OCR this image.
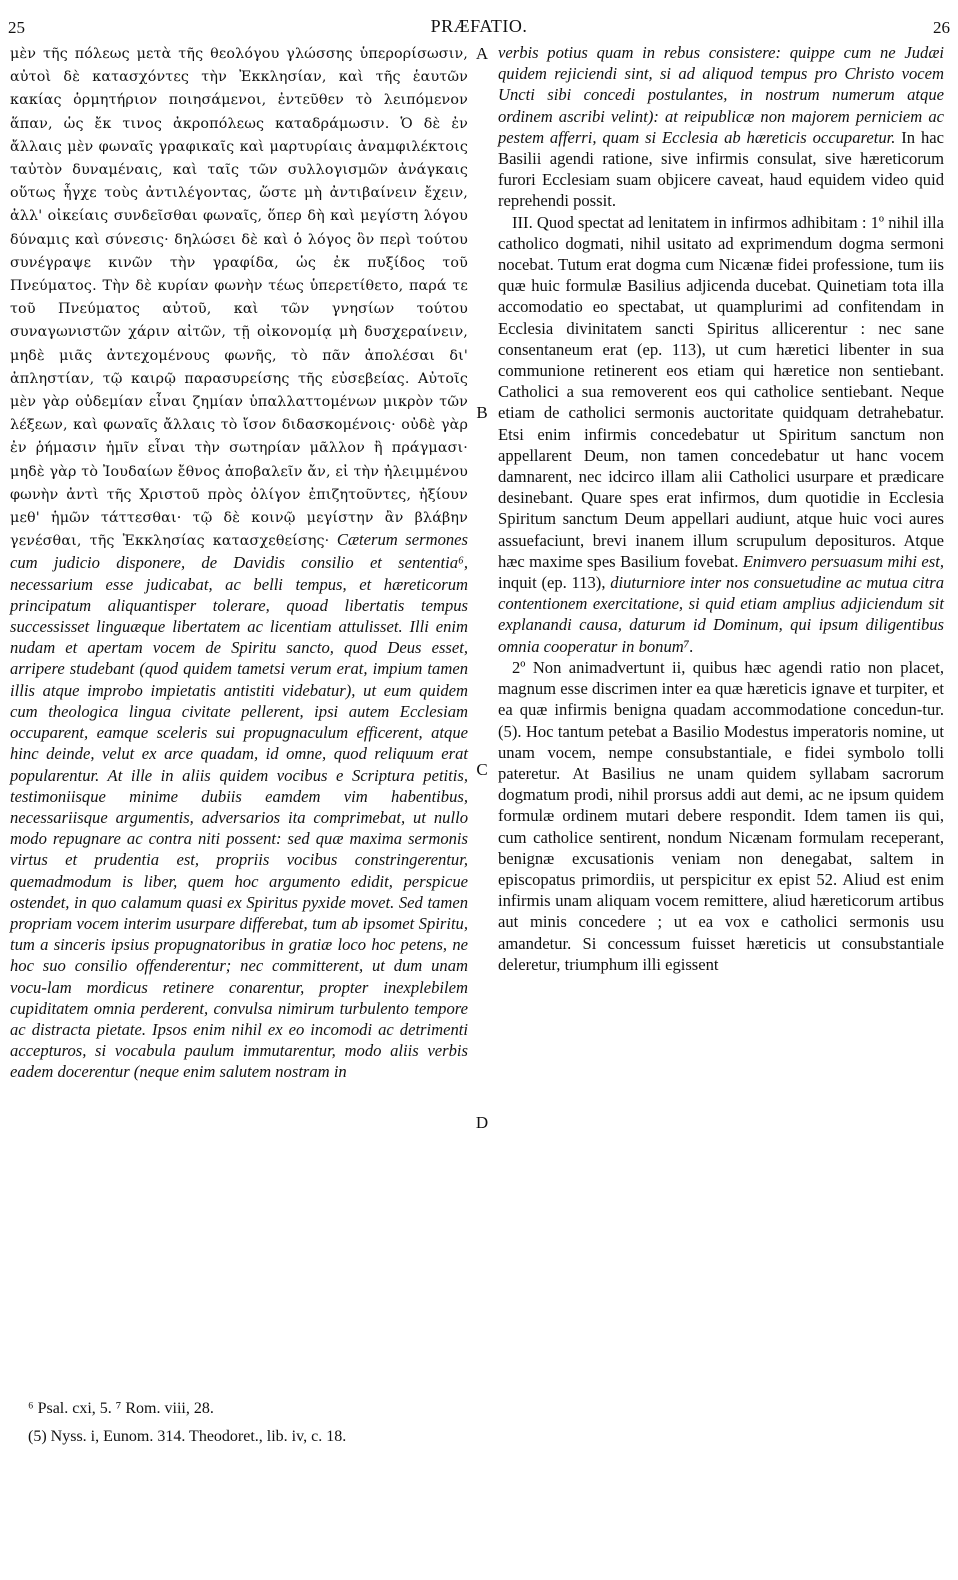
25	PRÆFATIO.	26

μὲν τῆς πόλεως μετὰ τῆς θεολόγου γλώσσης ὑπερορίσωσιν, αὐτοὶ δὲ κατασχόντες τὴν Ἐκκλησίαν, καὶ τῆς ἑαυτῶν κακίας ὁρμητήριον ποιησάμενοι, ἐντεῦθεν τὸ λειπόμενον ἅπαν, ὡς ἔκ τινος ἀκροπόλεως καταδράμωσιν. Ὁ δὲ ἐν ἄλλαις μὲν φωναῖς γραφικαῖς καὶ μαρτυρίαις ἀναμφιλέκτοις ταὐτὸν δυναμέναις, καὶ ταῖς τῶν συλλογισμῶν ἀνάγκαις οὕτως ἦγχε τοὺς ἀντιλέγοντας, ὥστε μὴ ἀντιβαίνειν ἔχειν, ἀλλ' οἰκείαις συνδεῖσθαι φωναῖς, ὅπερ δὴ καὶ μεγίστη λόγου δύναμις καὶ σύνεσις· δηλώσει δὲ καὶ ὁ λόγος ὃν περὶ τούτου συνέγραψε κινῶν τὴν γραφίδα, ὡς ἐκ πυξίδος τοῦ Πνεύματος. Τὴν δὲ κυρίαν φωνὴν τέως ὑπερετίθετο, παρά τε τοῦ Πνεύματος αὐτοῦ, καὶ τῶν γνησίων τούτου συναγωνιστῶν χάριν αἰτῶν, τῇ οἰκονομίᾳ μὴ δυσχεραίνειν, μηδὲ μιᾶς ἀντεχομένους φωνῆς, τὸ πᾶν ἀπολέσαι δι' ἀπληστίαν, τῷ καιρῷ παρασυρείσης τῆς εὐσεβείας. Αὐτοῖς μὲν γὰρ οὐδεμίαν εἶναι ζημίαν ὑπαλλαττομένων μικρὸν τῶν λέξεων, καὶ φωναῖς ἄλλαις τὸ ἴσον διδασκομένοις· οὐδὲ γὰρ ἐν ῥήμασιν ἡμῖν εἶναι τὴν σωτηρίαν μᾶλλον ἢ πράγμασι· μηδὲ γὰρ τὸ Ἰουδαίων ἔθνος ἀποβαλεῖν ἄν, εἰ τὴν ἠλειμμένου φωνὴν ἀντὶ τῆς Χριστοῦ πρὸς ὀλίγον ἐπιζητοῦντες, ἠξίουν μεθ' ἡμῶν τάττεσθαι· τῷ δὲ κοινῷ μεγίστην ἂν βλάβην γενέσθαι, τῆς Ἐκκλησίας κατασχεθείσης· Cæterum sermones cum judicio disponere, de Davidis consilio et sententia⁶, necessarium esse judicabat, ac belli tempus, et hæreticorum principatum aliquantisper tolerare, quoad libertatis tempus successisset linguæque libertatem ac licentiam attulisset. Illi enim nudam et apertam vocem de Spiritu sancto, quod Deus esset, arripere studebant (quod quidem tametsi verum erat, impium tamen illis atque improbo impietatis antistiti videbatur), ut eum quidem cum theologica lingua civitate pellerent, ipsi autem Ecclesiam occuparent, eamque sceleris sui propugnaculum efficerent, atque hinc deinde, velut ex arce quadam, id omne, quod reliquum erat popularentur. At ille in aliis quidem vocibus e Scriptura petitis, testimoniisque minime dubiis eamdem vim habentibus, necessariisque argumentis, adversarios ita comprimebat, ut nullo modo repugnare ac contra niti possent: sed quæ maxima sermonis virtus et prudentia est, propriis vocibus constringerentur, quemadmodum is liber, quem hoc argumento edidit, perspicue ostendet, in quo calamum quasi ex Spiritus pyxide movet. Sed tamen propriam vocem interim usurpare differebat, tum ab ipsomet Spiritu, tum a sinceris ipsius propugnatoribus in gratiæ loco hoc petens, ne hoc suo consilio offenderentur; nec committerent, ut dum unam vocu-lam mordicus retinere conarentur, propter inexplebilem cupiditatem omnia perderent, convulsa nimirum turbulento tempore ac distracta pietate. Ipsos enim nihil ex eo incomodi ac detrimenti accepturos, si vocabula paulum immutarentur, modo aliis verbis eadem docerentur (neque enim salutem nostram in

A
B
C
D

verbis potius quam in rebus consistere: quippe cum ne Judæi quidem rejiciendi sint, si ad aliquod tempus pro Christo vocem Uncti sibi concedi postulantes, in nostrum numerum atque ordinem ascribi velint): at reipublicæ non majorem perniciem ac pestem afferri, quam si Ecclesia ab hæreticis occuparetur. In hac Basilii agendi ratione, sive infirmis consulat, sive hæreticorum furori Ecclesiam suam objicere caveat, haud equidem video quid reprehendi possit.

III. Quod spectat ad lenitatem in infirmos adhibitam : 1º nihil illa catholico dogmati, nihil usitato ad exprimendum dogma sermoni nocebat. Tutum erat dogma cum Nicænæ fidei professione, tum iis quæ huic formulæ Basilius adjicenda ducebat. Quinetiam tota illa accomodatio eo spectabat, ut quamplurimi ad confitendam in Ecclesia divinitatem sancti Spiritus allicerentur : nec sane consentaneum erat (ep. 113), ut cum hæretici libenter in sua communione retinerent eos etiam qui hæretice non sentiebant. Catholici a sua removerent eos qui catholice sentiebant. Neque etiam de catholici sermonis auctoritate quidquam detrahebatur. Etsi enim infirmis concedebatur ut Spiritum sanctum non appellarent Deum, non tamen concedebatur ut hanc vocem damnarent, nec idcirco illam alii Catholici usurpare et prædicare desinebant. Quare spes erat infirmos, dum quotidie in Ecclesia Spiritum sanctum Deum appellari audiunt, atque huic voci aures assuefaciunt, brevi inanem illum scrupulum deposituros. Atque hæc maxime spes Basilium fovebat. Enimvero persuasum mihi est, inquit (ep. 113), diuturniore inter nos consuetudine ac mutua citra contentionem exercitatione, si quid etiam amplius adjiciendum sit explanandi causa, daturum id Dominum, qui ipsum diligentibus omnia cooperatur in bonum⁷.

2º Non animadvertunt ii, quibus hæc agendi ratio non placet, magnum esse discrimen inter ea quæ hæreticis ignave et turpiter, et ea quæ infirmis benigna quadam accommodatione concedun-tur. (5). Hoc tantum petebat a Basilio Modestus imperatoris nomine, ut unam vocem, nempe consubstantiale, e fidei symbolo tolli pateretur. At Basilius ne unam quidem syllabam sacrorum dogmatum prodi, nihil prorsus addi aut demi, ac ne ipsum quidem formulæ ordinem mutari debere respondit. Idem tamen iis qui, cum catholice sentirent, nondum Nicænam formulam receperant, benignæ excusationis veniam non denegabat, saltem in episcopatus primordiis, ut perspicitur ex epist 52. Aliud est enim infirmis unam aliquam vocem remittere, aliud hæreticorum artibus aut minis concedere ; ut ea vox e catholici sermonis usu amandetur. Si concessum fuisset hæreticis ut consubstantiale deleretur, triumphum illi egissent

⁶ Psal. cxi, 5. ⁷ Rom. viii, 28.
(5) Nyss. i, Eunom. 314. Theodoret., lib. iv, c. 18.
